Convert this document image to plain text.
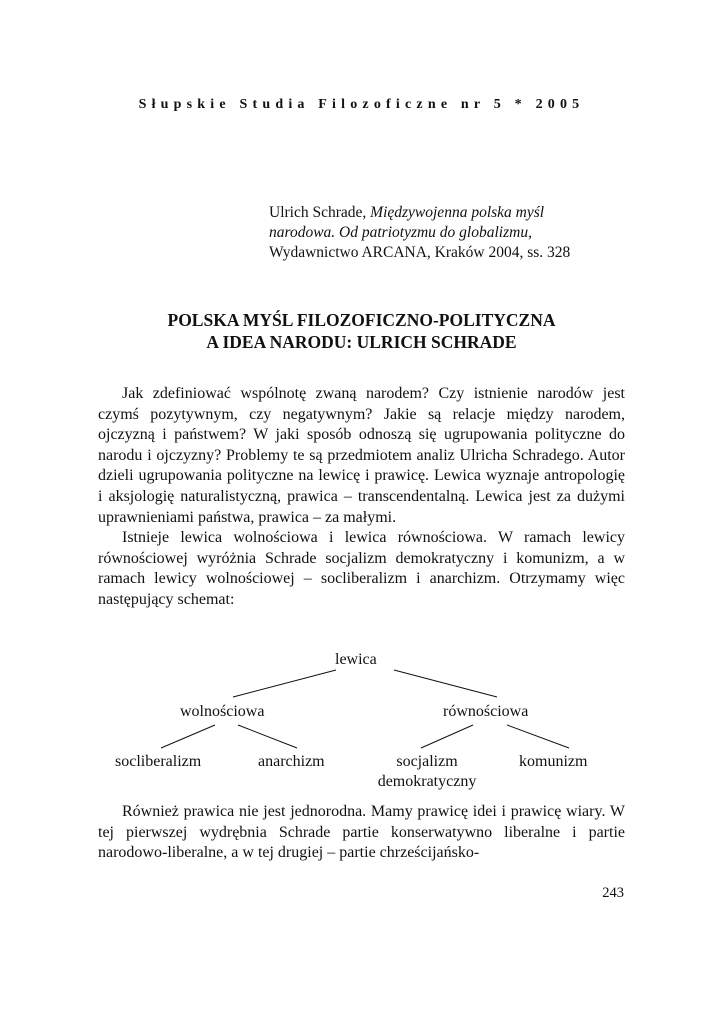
Słupskie Studia Filozoficzne nr 5 * 2005
Ulrich Schrade, Międzywojenna polska myśl
narodowa. Od patriotyzmu do globalizmu,
Wydawnictwo ARCANA, Kraków 2004, ss. 328
POLSKA MYŚL FILOZOFICZNO-POLITYCZNA
A IDEA NARODU: ULRICH SCHRADE

Jak zdefiniować wspólnotę zwaną narodem? Czy istnienie narodów jest czymś pozytywnym, czy negatywnym? Jakie są relacje między narodem, ojczyzną i państwem? W jaki sposób odnoszą się ugrupowania polityczne do narodu i ojczyzny? Problemy te są przedmiotem analiz Ulricha Schradego. Autor dzieli ugrupowania polityczne na lewicę i prawicę. Lewica wyznaje antropologię i aksjologię naturalistyczną, prawica – transcendentalną. Lewica jest za dużymi uprawnieniami państwa, prawica – za małymi.

Istnieje lewica wolnościowa i lewica równościowa. W ramach lewicy równościowej wyróżnia Schrade socjalizm demokratyczny i komunizm, a w ramach lewicy wolnościowej – socliberalizm i anarchizm. Otrzymamy więc następujący schemat:

lewica
wolnościowa	równościowa
socliberalizm	anarchizm	socjalizm
demokratyczny
komunizm

Również prawica nie jest jednorodna. Mamy prawicę idei i prawicę wiary. W tej pierwszej wydrębnia Schrade partie konserwatywno liberalne i partie narodowo-liberalne, a w tej drugiej – partie chrześcijańsko-

243
